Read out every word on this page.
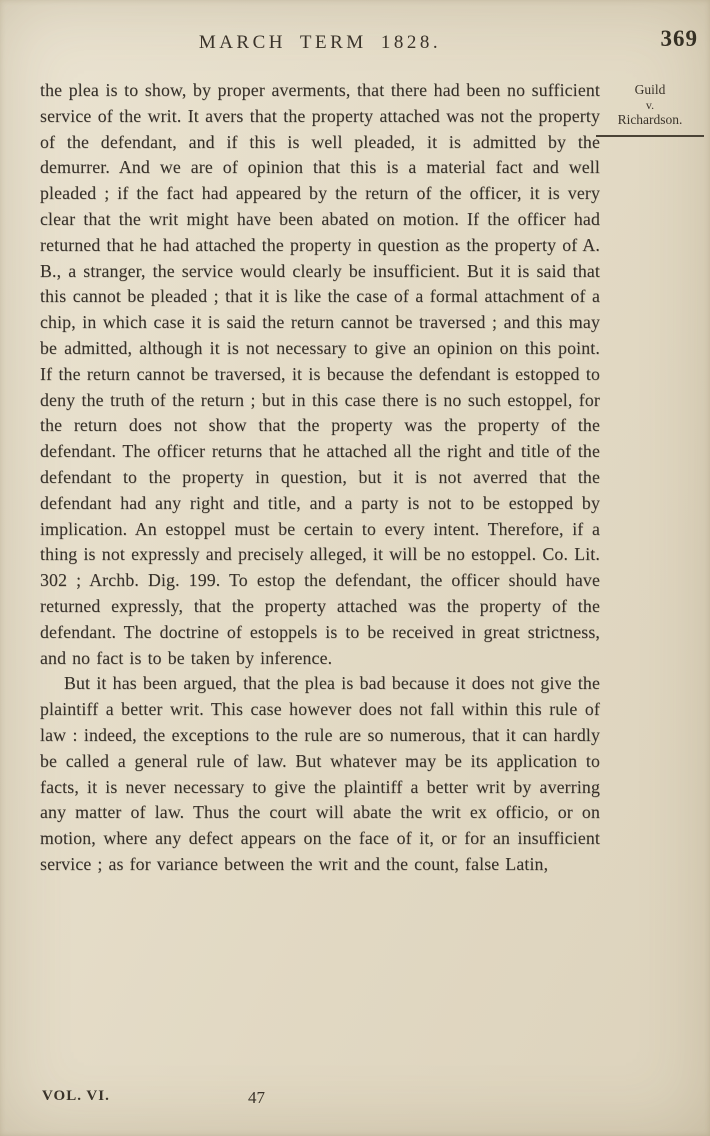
MARCH TERM 1828.	369
Guild
v.
Richardson.

the plea is to show, by proper averments, that there had been no sufficient service of the writ. It avers that the property attached was not the property of the defendant, and if this is well pleaded, it is admitted by the demurrer. And we are of opinion that this is a material fact and well pleaded ; if the fact had appeared by the return of the officer, it is very clear that the writ might have been abated on motion. If the officer had returned that he had attached the property in question as the property of A. B., a stranger, the service would clearly be insufficient. But it is said that this cannot be pleaded ; that it is like the case of a formal attachment of a chip, in which case it is said the return cannot be traversed ; and this may be admitted, although it is not necessary to give an opinion on this point. If the return cannot be traversed, it is because the defendant is estopped to deny the truth of the return ; but in this case there is no such estoppel, for the return does not show that the property was the property of the defendant. The officer returns that he attached all the right and title of the defendant to the property in question, but it is not averred that the defendant had any right and title, and a party is not to be estopped by implication. An estoppel must be certain to every intent. Therefore, if a thing is not expressly and precisely alleged, it will be no estoppel. Co. Lit. 302 ; Archb. Dig. 199. To estop the defendant, the officer should have returned expressly, that the property attached was the property of the defendant. The doctrine of estoppels is to be received in great strictness, and no fact is to be taken by inference.

But it has been argued, that the plea is bad because it does not give the plaintiff a better writ. This case however does not fall within this rule of law : indeed, the exceptions to the rule are so numerous, that it can hardly be called a general rule of law. But whatever may be its application to facts, it is never necessary to give the plaintiff a better writ by averring any matter of law. Thus the court will abate the writ ex officio, or on motion, where any defect appears on the face of it, or for an insufficient service ; as for variance between the writ and the count, false Latin,

VOL. VI.	47
